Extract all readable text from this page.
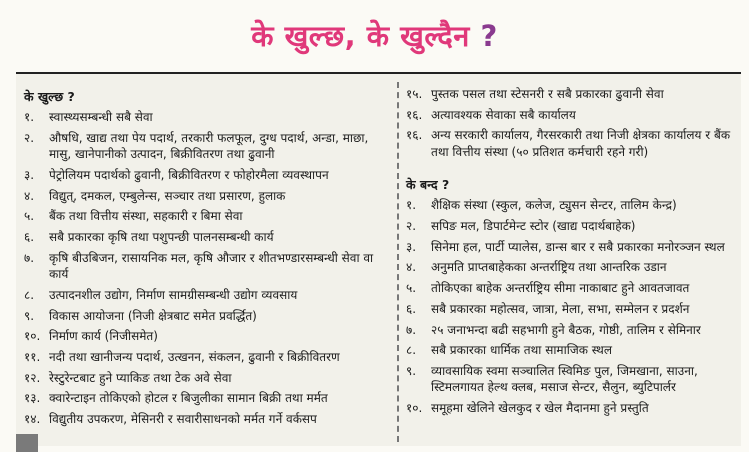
के खुल्छ, के खुल्दैन ?
के खुल्छ ?
१.	स्वास्थ्यसम्बन्धी सबै सेवा
२.	औषधि, खाद्य तथा पेय पदार्थ, तरकारी फलफूल, दुग्ध पदार्थ, अन्डा, माछा, मासु, खानेपानीको उत्पादन, बिक्रीवितरण तथा ढुवानी
३.	पेट्रोलियम पदार्थको ढुवानी, बिक्रीवितरण र फोहोरमैला व्यवस्थापन
४.	विद्युत्, दमकल, एम्बुलेन्स, सञ्चार तथा प्रसारण, हुलाक
५.	बैंक तथा वित्तीय संस्था, सहकारी र बिमा सेवा
६.	सबै प्रकारका कृषि तथा पशुपन्छी पालनसम्बन्धी कार्य
७.	कृषि बीउबिजन, रासायनिक मल, कृषि औजार र शीतभण्डारसम्बन्धी सेवा वा कार्य
८.	उत्पादनशील उद्योग, निर्माण सामग्रीसम्बन्धी उद्योग व्यवसाय
९.	विकास आयोजना (निजी क्षेत्रबाट समेत प्रवर्द्धित)
१०. निर्माण कार्य (निजीसमेत)
११. नदी तथा खानीजन्य पदार्थ, उत्खनन, संकलन, ढुवानी र बिक्रीवितरण
१२. रेस्टुरेन्टबाट हुने प्याकिङ तथा टेक अवे सेवा
१३. क्वारेन्टाइन तोकिएको होटल र बिजुलीका सामान बिक्री तथा मर्मत
१४. विद्युतीय उपकरण, मेसिनरी र सवारीसाधनको मर्मत गर्ने वर्कसप
१५. पुस्तक पसल तथा स्टेसनरी र सबै प्रकारका ढुवानी सेवा
१६. अत्यावश्यक सेवाका सबै कार्यालय
१६. अन्य सरकारी कार्यालय, गैरसरकारी तथा निजी क्षेत्रका कार्यालय र बैंक तथा वित्तीय संस्था (५० प्रतिशत कर्मचारी रहने गरी)
के बन्द ?
१.	शैक्षिक संस्था (स्कुल, कलेज, ट्युसन सेन्टर, तालिम केन्द्र)
२.	सपिङ मल, डिपार्टमेन्ट स्टोर (खाद्य पदार्थबाहेक)
३.	सिनेमा हल, पार्टी प्यालेस, डान्स बार र सबै प्रकारका मनोरञ्जन स्थल
४.	अनुमति प्राप्तबाहेकका अन्तर्राष्ट्रिय तथा आन्तरिक उडान
५.	तोकिएका बाहेक अन्तर्राष्ट्रिय सीमा नाकाबाट हुने आवतजावत
६.	सबै प्रकारका महोत्सव, जात्रा, मेला, सभा, सम्मेलन र प्रदर्शन
७.	२५ जनाभन्दा बढी सहभागी हुने बैठक, गोष्ठी, तालिम र सेमिनार
८.	सबै प्रकारका धार्मिक तथा सामाजिक स्थल
९.	व्यावसायिक स्वमा सञ्चालित स्विमिङ पुल, जिमखाना, साउना, स्टिमलगायत हेल्थ क्लब, मसाज सेन्टर, सैलुन, ब्युटिपार्लर
१०. समूहमा खेलिने खेलकुद र खेल मैदानमा हुने प्रस्तुति
